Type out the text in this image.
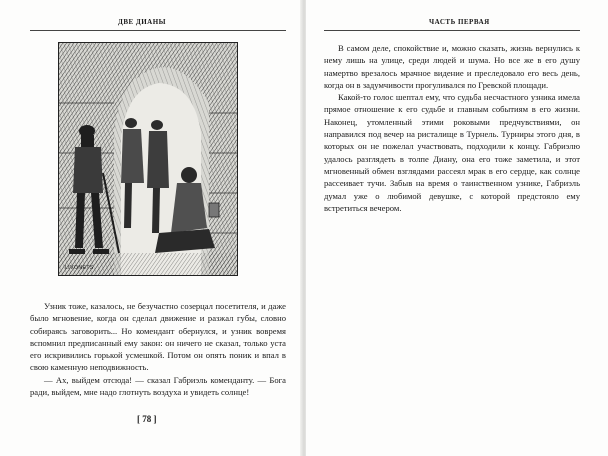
ДВЕ ДИАНЫ
LIVONETS

Узник тоже, казалось, не безучастно созерцал посетителя, и даже было мгновение, когда он сделал движение и разжал губы, словно собираясь заговорить... Но комендант обернулся, и узник вовремя вспомнил предписанный ему закон: он ничего не сказал, только уста его искривились горькой усмешкой. Потом он опять поник и впал в свою каменную неподвижность.

— Ах, выйдем отсюда! — сказал Габриэль коменданту. — Бога ради, выйдем, мне надо глотнуть воздуха и увидеть солнце!

[ 78 ]
ЧАСТЬ ПЕРВАЯ

В самом деле, спокойствие и, можно сказать, жизнь вернулись к нему лишь на улице, среди людей и шума. Но все же в его душу намертво врезалось мрачное видение и преследовало его весь день, когда он в задумчивости прогуливался по Гревской площади.

Какой-то голос шептал ему, что судьба несчастного узника имела прямое отношение к его судьбе и главным событиям в его жизни. Наконец, утомленный этими роковыми предчувствиями, он направился под вечер на ристалище в Турнель. Турниры этого дня, в которых он не пожелал участвовать, подходили к концу. Габриэлю удалось разглядеть в толпе Диану, она его тоже заметила, и этот мгновенный обмен взглядами рассеял мрак в его сердце, как солнце рассеивает тучи. Забыв на время о таинственном узнике, Габриэль думал уже о любимой девушке, с которой предстояло ему встретиться вечером.
